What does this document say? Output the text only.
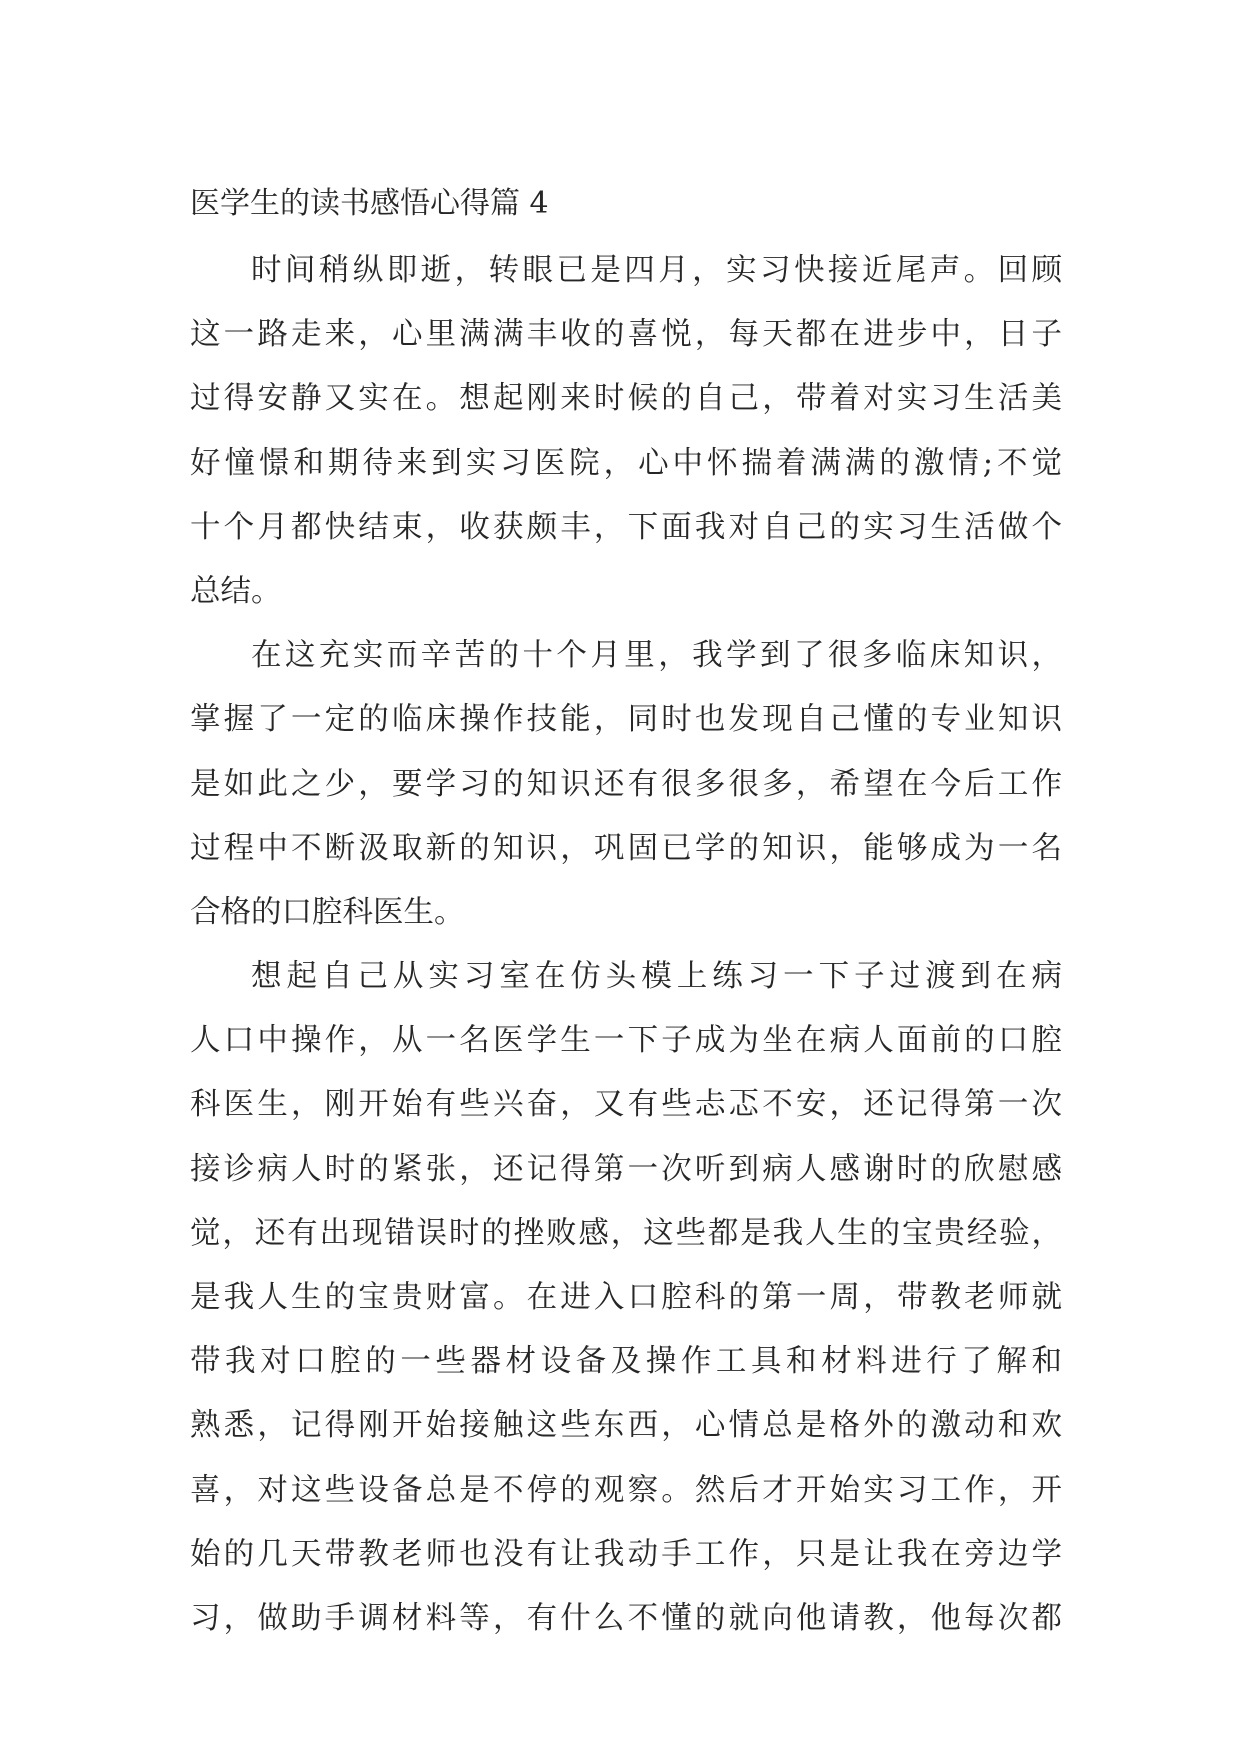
医学生的读书感悟心得篇 4
时间稍纵即逝，转眼已是四月，实习快接近尾声。回顾
这一路走来，心里满满丰收的喜悦，每天都在进步中，日子
过得安静又实在。想起刚来时候的自己，带着对实习生活美
好憧憬和期待来到实习医院，心中怀揣着满满的激情;不觉
十个月都快结束，收获颇丰，下面我对自己的实习生活做个
总结。
在这充实而辛苦的十个月里，我学到了很多临床知识，
掌握了一定的临床操作技能，同时也发现自己懂的专业知识
是如此之少，要学习的知识还有很多很多，希望在今后工作
过程中不断汲取新的知识，巩固已学的知识，能够成为一名
合格的口腔科医生。
想起自己从实习室在仿头模上练习一下子过渡到在病
人口中操作，从一名医学生一下子成为坐在病人面前的口腔
科医生，刚开始有些兴奋，又有些忐忑不安，还记得第一次
接诊病人时的紧张，还记得第一次听到病人感谢时的欣慰感
觉，还有出现错误时的挫败感，这些都是我人生的宝贵经验，
是我人生的宝贵财富。在进入口腔科的第一周，带教老师就
带我对口腔的一些器材设备及操作工具和材料进行了解和
熟悉，记得刚开始接触这些东西，心情总是格外的激动和欢
喜，对这些设备总是不停的观察。然后才开始实习工作，开
始的几天带教老师也没有让我动手工作，只是让我在旁边学
习，做助手调材料等，有什么不懂的就向他请教，他每次都
